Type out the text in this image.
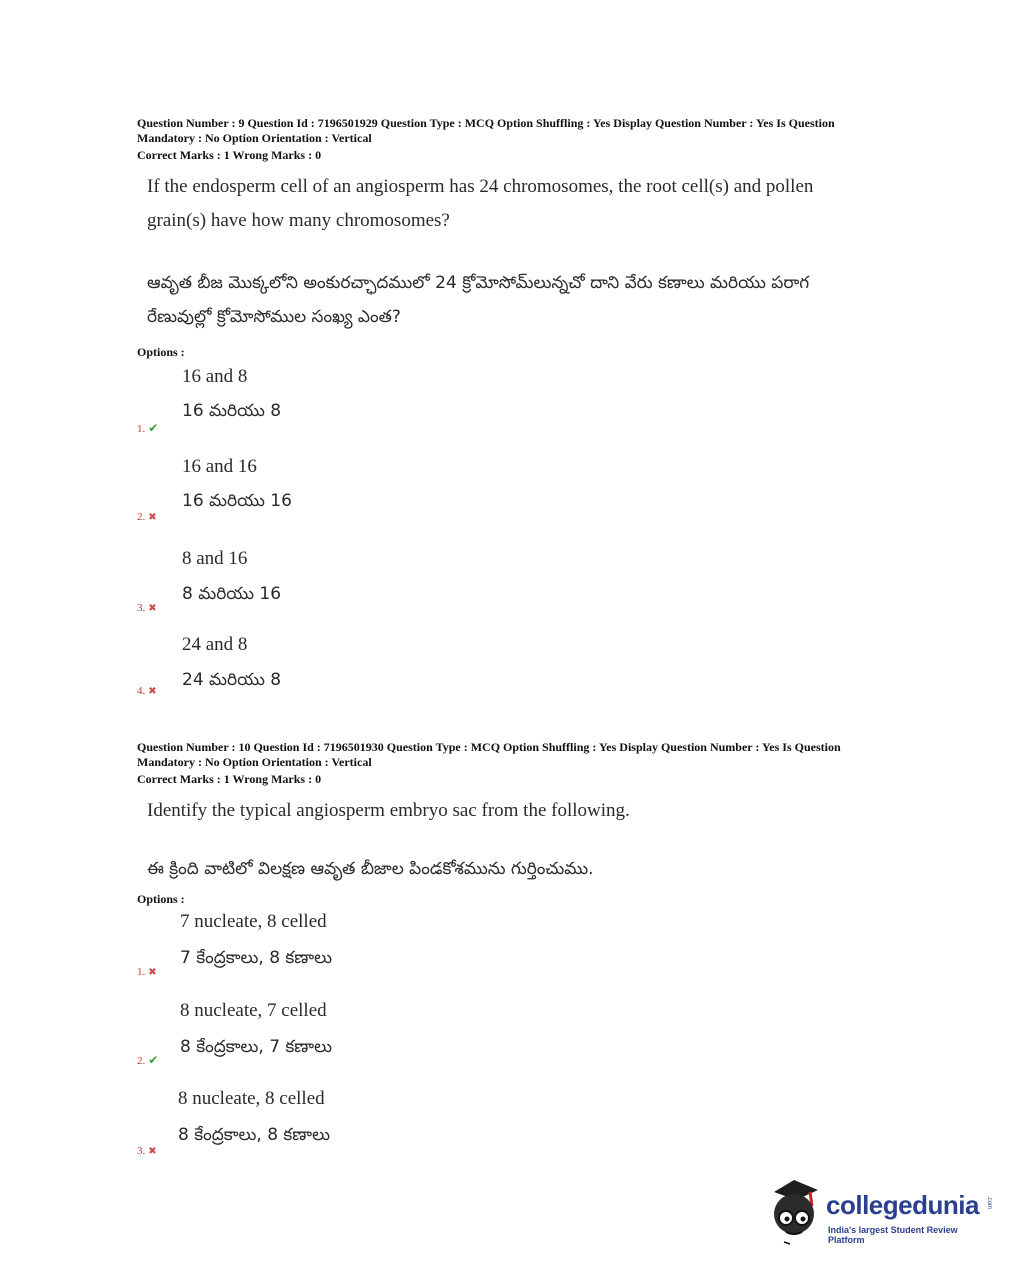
Question Number : 9 Question Id : 7196501929 Question Type : MCQ Option Shuffling : Yes Display Question Number : Yes Is Question
Mandatory : No Option Orientation : Vertical
Correct Marks : 1 Wrong Marks : 0
If the endosperm cell of an angiosperm has 24 chromosomes, the root cell(s) and pollen grain(s) have how many chromosomes?
ఆవృత బీజ మొక్కలోని అంకురచ్ఛాదములో 24 క్రోమోసోమ్‌లున్నచో దాని వేరు కణాలు మరియు పరాగ రేణువుల్లో క్రోమోసోముల సంఖ్య ఎంత?
Options :
16 and 8
16 మరియు 8
1. ✔
16 and 16
16 మరియు 16
2. ✖
8 and 16
8 మరియు 16
3. ✖
24 and 8
24 మరియు 8
4. ✖
Question Number : 10 Question Id : 7196501930 Question Type : MCQ Option Shuffling : Yes Display Question Number : Yes Is Question
Mandatory : No Option Orientation : Vertical
Correct Marks : 1 Wrong Marks : 0
Identify the typical angiosperm embryo sac from the following.
ఈ క్రింది వాటిలో విలక్షణ ఆవృత బీజాల పిండకోశమును గుర్తించుము.
Options :
7 nucleate, 8 celled
7 కేంద్రకాలు, 8 కణాలు
1. ✖
8 nucleate, 7 celled
8 కేంద్రకాలు, 7 కణాలు
2. ✔
8 nucleate, 8 celled
8 కేంద్రకాలు, 8 కణాలు
3. ✖
collegedunia .com
India's largest Student Review Platform
